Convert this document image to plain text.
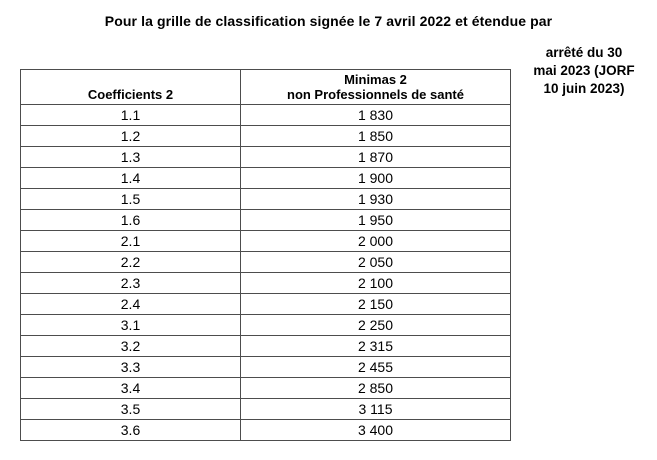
Pour la grille de classification signée le 7 avril 2022 et étendue par
arrêté du 30
mai 2023 (JORF
10 juin 2023)
Coefficients 2	Minimas 2
non Professionnels de santé
1.1	1 830
1.2	1 850
1.3	1 870
1.4	1 900
1.5	1 930
1.6	1 950
2.1	2 000
2.2	2 050
2.3	2 100
2.4	2 150
3.1	2 250
3.2	2 315
3.3	2 455
3.4	2 850
3.5	3 115
3.6	3 400
